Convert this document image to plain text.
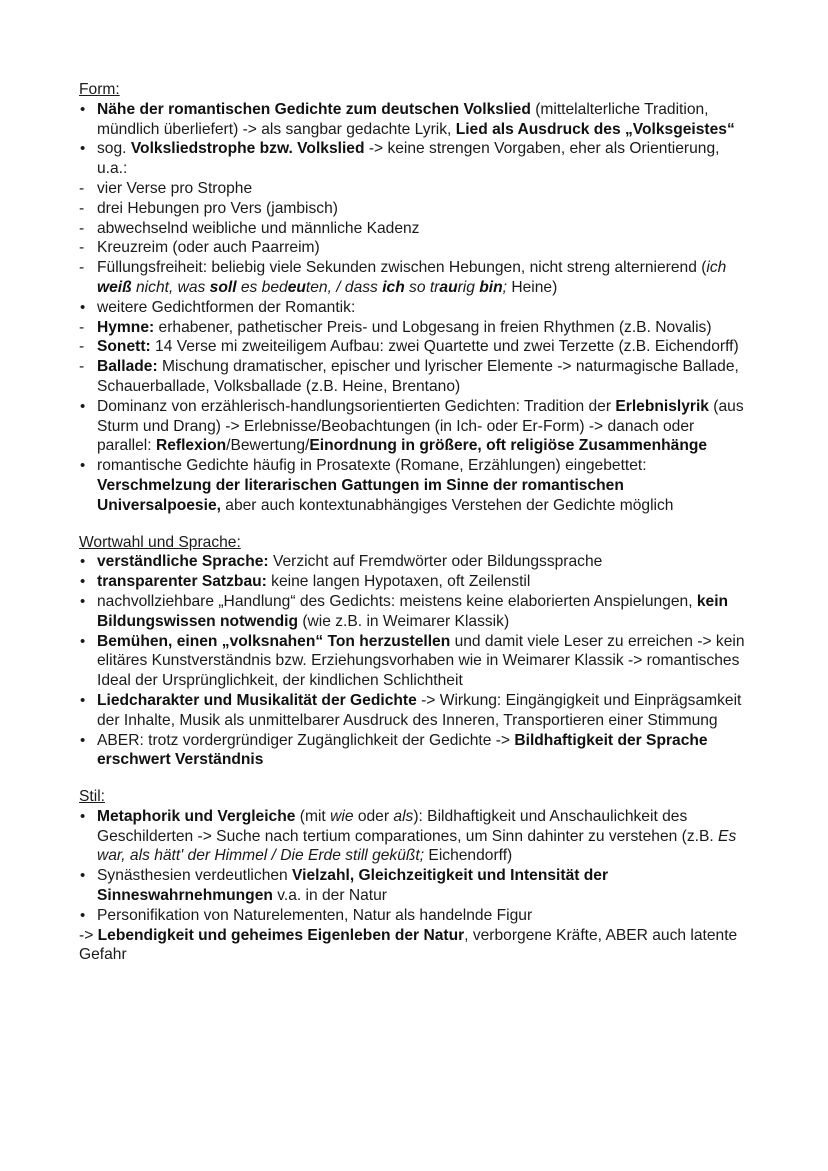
Form:
• Nähe der romantischen Gedichte zum deutschen Volkslied (mittelalterliche Tradition, mündlich überliefert) -> als sangbar gedachte Lyrik, Lied als Ausdruck des „Volksgeistes“
• sog. Volksliedstrophe bzw. Volkslied -> keine strengen Vorgaben, eher als Orientierung, u.a.:
- vier Verse pro Strophe
- drei Hebungen pro Vers (jambisch)
- abwechselnd weibliche und männliche Kadenz
- Kreuzreim (oder auch Paarreim)
- Füllungsfreiheit: beliebig viele Sekunden zwischen Hebungen, nicht streng alternierend (ich weiß nicht, was soll es bedeuten, / dass ich so traurig bin; Heine)
• weitere Gedichtformen der Romantik:
- Hymne: erhabener, pathetischer Preis- und Lobgesang in freien Rhythmen (z.B. Novalis)
- Sonett: 14 Verse mi zweiteiligem Aufbau: zwei Quartette und zwei Terzette (z.B. Eichendorff)
- Ballade: Mischung dramatischer, epischer und lyrischer Elemente -> naturmagische Ballade, Schauerballade, Volksballade (z.B. Heine, Brentano)
• Dominanz von erzählerisch-handlungsorientierten Gedichten: Tradition der Erlebnislyrik (aus Sturm und Drang) -> Erlebnisse/Beobachtungen (in Ich- oder Er-Form) -> danach oder parallel: Reflexion/Bewertung/Einordnung in größere, oft religiöse Zusammenhänge
• romantische Gedichte häufig in Prosatexte (Romane, Erzählungen) eingebettet: Verschmelzung der literarischen Gattungen im Sinne der romantischen Universalpoesie, aber auch kontextunabhängiges Verstehen der Gedichte möglich
Wortwahl und Sprache:
• verständliche Sprache: Verzicht auf Fremdwörter oder Bildungssprache
• transparenter Satzbau: keine langen Hypotaxen, oft Zeilenstil
• nachvollziehbare „Handlung“ des Gedichts: meistens keine elaborierten Anspielungen, kein Bildungswissen notwendig (wie z.B. in Weimarer Klassik)
• Bemühen, einen „volksnahen“ Ton herzustellen und damit viele Leser zu erreichen -> kein elitäres Kunstverständnis bzw. Erziehungsvorhaben wie in Weimarer Klassik -> romantisches Ideal der Ursprünglichkeit, der kindlichen Schlichtheit
• Liedcharakter und Musikalität der Gedichte -> Wirkung: Eingängigkeit und Einprägsamkeit der Inhalte, Musik als unmittelbarer Ausdruck des Inneren, Transportieren einer Stimmung
• ABER: trotz vordergründiger Zugänglichkeit der Gedichte -> Bildhaftigkeit der Sprache erschwert Verständnis
Stil:
• Metaphorik und Vergleiche (mit wie oder als): Bildhaftigkeit und Anschaulichkeit des Geschilderten -> Suche nach tertium comparationes, um Sinn dahinter zu verstehen (z.B. Es war, als hätt' der Himmel / Die Erde still geküßt; Eichendorff)
• Synästhesien verdeutlichen Vielzahl, Gleichzeitigkeit und Intensität der Sinneswahrnehmungen v.a. in der Natur
• Personifikation von Naturelementen, Natur als handelnde Figur
-> Lebendigkeit und geheimes Eigenleben der Natur, verborgene Kräfte, ABER auch latente Gefahr
